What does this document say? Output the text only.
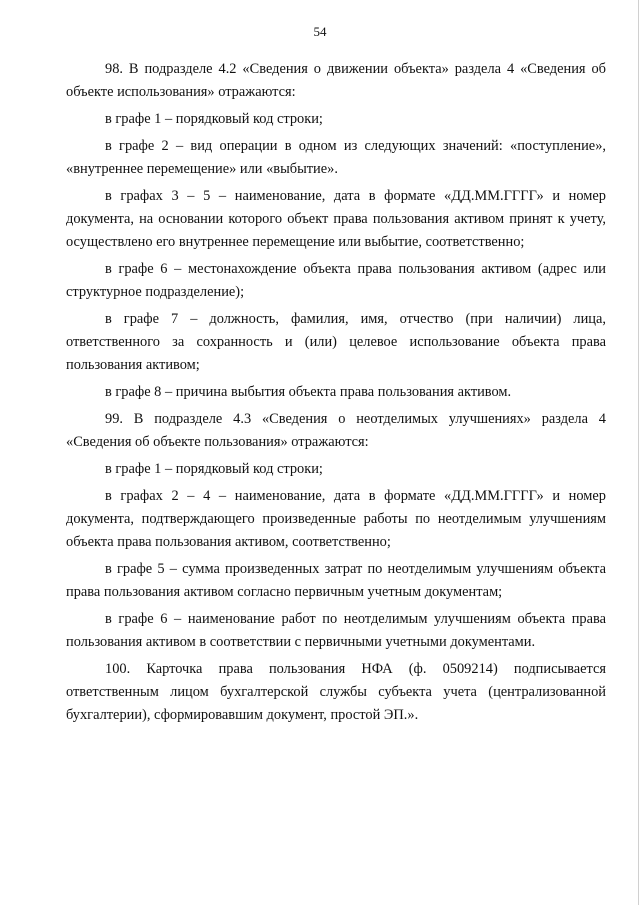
54

98. В подразделе 4.2 «Сведения о движении объекта» раздела 4 «Сведения об объекте использования» отражаются:

в графе 1 – порядковый код строки;

в графе 2 – вид операции в одном из следующих значений: «поступление», «внутреннее перемещение» или «выбытие».

в графах 3 – 5 – наименование, дата в формате «ДД.ММ.ГГГГ» и номер документа, на основании которого объект права пользования активом принят к учету, осуществлено его внутреннее перемещение или выбытие, соответственно;

в графе 6 – местонахождение объекта права пользования активом (адрес или структурное подразделение);

в графе 7 – должность, фамилия, имя, отчество (при наличии) лица, ответственного за сохранность и (или) целевое использование объекта права пользования активом;

в графе 8 – причина выбытия объекта права пользования активом.

99. В подразделе 4.3 «Сведения о неотделимых улучшениях» раздела 4 «Сведения об объекте пользования» отражаются:

в графе 1 – порядковый код строки;

в графах 2 – 4 – наименование, дата в формате «ДД.ММ.ГГГГ» и номер документа, подтверждающего произведенные работы по неотделимым улучшениям объекта права пользования активом, соответственно;

в графе 5 – сумма произведенных затрат по неотделимым улучшениям объекта права пользования активом согласно первичным учетным документам;

в графе 6 – наименование работ по неотделимым улучшениям объекта права пользования активом в соответствии с первичными учетными документами.

100. Карточка права пользования НФА (ф. 0509214) подписывается ответственным лицом бухгалтерской службы субъекта учета (централизованной бухгалтерии), сформировавшим документ, простой ЭП.».
